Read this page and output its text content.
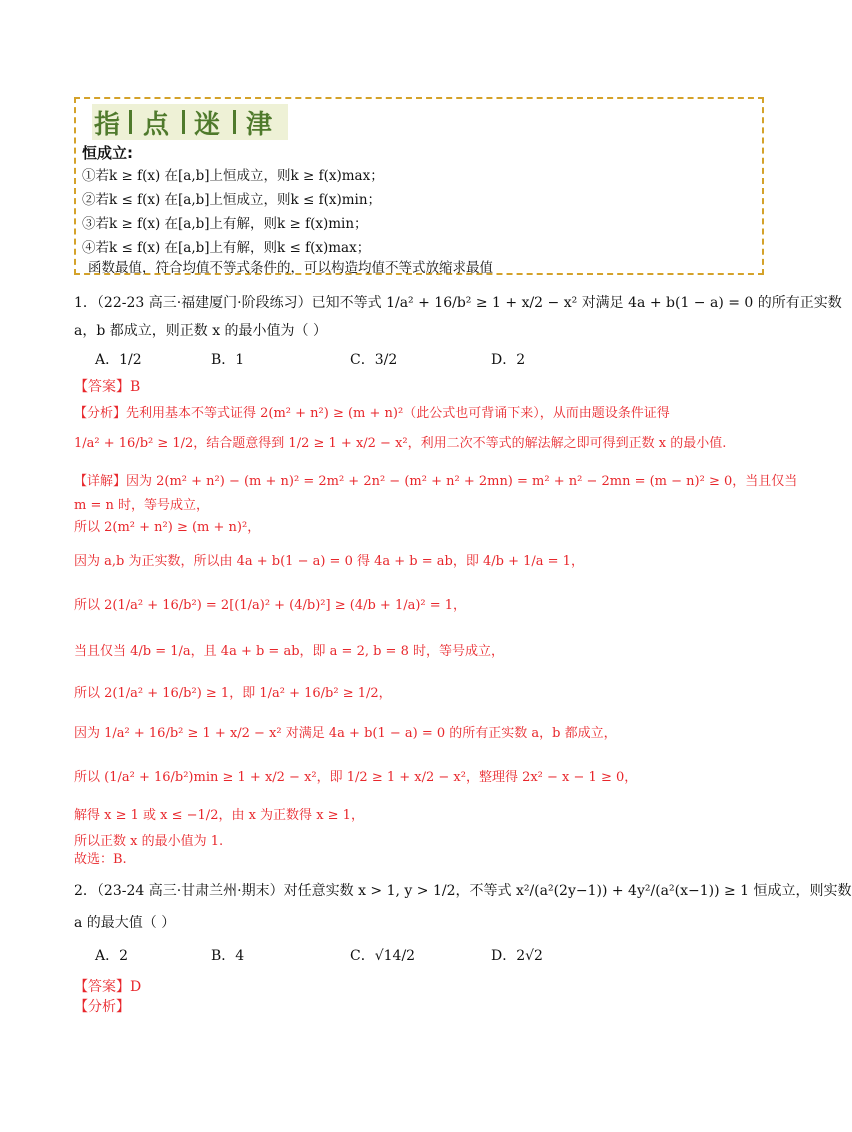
指 点 迷 津
恒成立:
①若k ≥ f(x) 在[a,b]上恒成立，则k ≥ f(x)max；
②若k ≤ f(x) 在[a,b]上恒成立，则k ≤ f(x)min；
③若k ≥ f(x) 在[a,b]上有解，则k ≥ f(x)min；
④若k ≤ f(x) 在[a,b]上有解，则k ≤ f(x)max；
函数最值，符合均值不等式条件的，可以构造均值不等式放缩求最值
1．（22-23 高三·福建厦门·阶段练习）已知不等式 1/a² + 16/b² ≥ 1 + x/2 − x² 对满足 4a + b(1 − a) = 0 的所有正实数
a，b 都成立，则正数 x 的最小值为（ ）
A．1/2	B．1	C．3/2	D．2
【答案】B
【分析】先利用基本不等式证得 2(m² + n²) ≥ (m + n)²（此公式也可背诵下来），从而由题设条件证得
1/a² + 16/b² ≥ 1/2，结合题意得到 1/2 ≥ 1 + x/2 − x²，利用二次不等式的解法解之即可得到正数 x 的最小值.
【详解】因为 2(m² + n²) − (m + n)² = 2m² + 2n² − (m² + n² + 2mn) = m² + n² − 2mn = (m − n)² ≥ 0，当且仅当
m = n 时，等号成立，
所以 2(m² + n²) ≥ (m + n)²，
因为 a,b 为正实数，所以由 4a + b(1 − a) = 0 得 4a + b = ab，即 4/b + 1/a = 1，
所以 2(1/a² + 16/b²) = 2[(1/a)² + (4/b)²] ≥ (4/b + 1/a)² = 1，
当且仅当 4/b = 1/a，且 4a + b = ab，即 a = 2, b = 8 时，等号成立，
所以 2(1/a² + 16/b²) ≥ 1，即 1/a² + 16/b² ≥ 1/2，
因为 1/a² + 16/b² ≥ 1 + x/2 − x² 对满足 4a + b(1 − a) = 0 的所有正实数 a，b 都成立，
所以 (1/a² + 16/b²)min ≥ 1 + x/2 − x²，即 1/2 ≥ 1 + x/2 − x²，整理得 2x² − x − 1 ≥ 0，
解得 x ≥ 1 或 x ≤ −1/2，由 x 为正数得 x ≥ 1，
所以正数 x 的最小值为 1.
故选：B.
2．（23-24 高三·甘肃兰州·期末）对任意实数 x > 1, y > 1/2，不等式 x²/(a²(2y−1)) + 4y²/(a²(x−1)) ≥ 1 恒成立，则实数
a 的最大值（ ）
A．2	B．4	C．√14/2	D．2√2
【答案】D
【分析】
